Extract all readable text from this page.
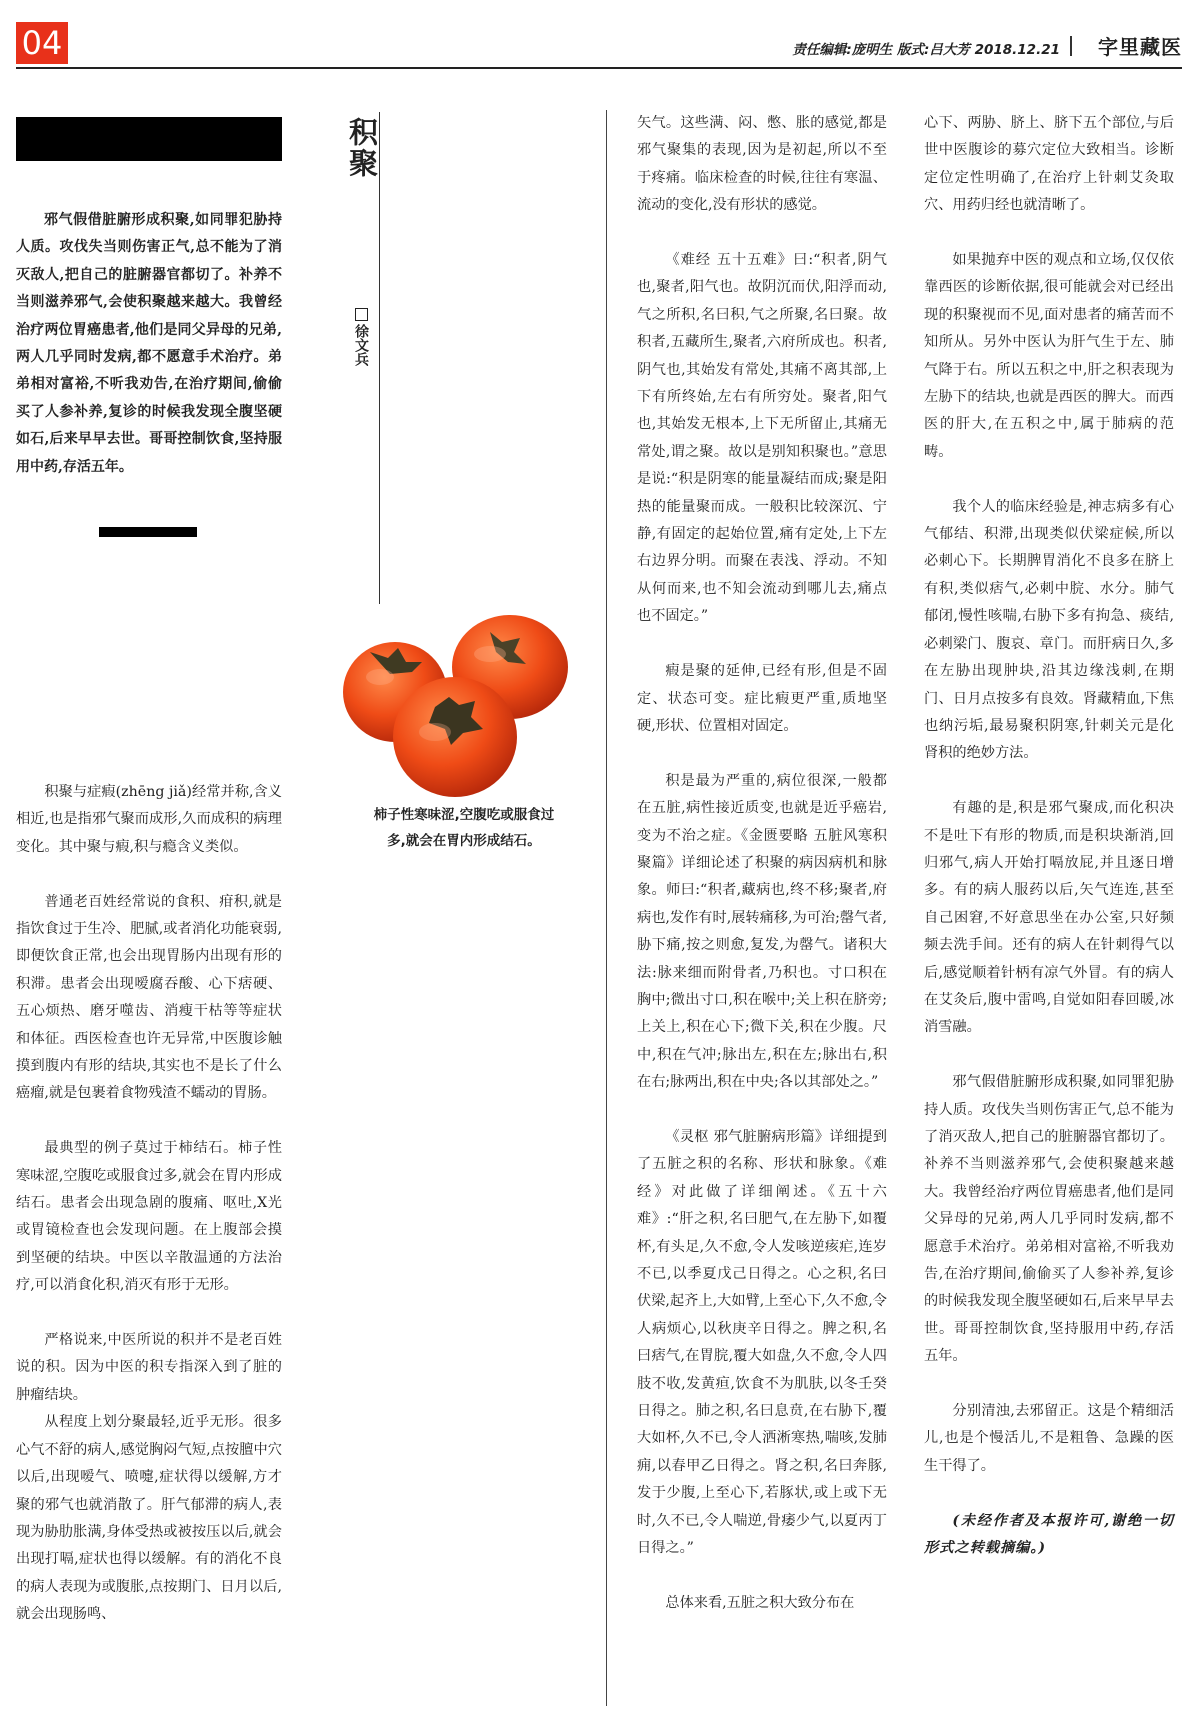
04	责任编辑:庞明生 版式:吕大芳 2018.12.21 字里藏医

邪气假借脏腑形成积聚,如同罪犯胁持人质。攻伐失当则伤害正气,总不能为了消灭敌人,把自己的脏腑器官都切了。补养不当则滋养邪气,会使积聚越来越大。我曾经治疗两位胃癌患者,他们是同父异母的兄弟,两人几乎同时发病,都不愿意手术治疗。弟弟相对富裕,不听我劝告,在治疗期间,偷偷买了人参补养,复诊的时候我发现全腹坚硬如石,后来早早去世。哥哥控制饮食,坚持服用中药,存活五年。

积聚
徐文兵

柿子性寒味涩,空腹吃或服食过多,就会在胃内形成结石。

积聚与症瘕(zhēng jiǎ)经常并称,含义相近,也是指邪气聚而成形,久而成积的病理变化。其中聚与瘕,积与瘾含义类似。

普通老百姓经常说的食积、疳积,就是指饮食过于生冷、肥腻,或者消化功能衰弱,即便饮食正常,也会出现胃肠内出现有形的积滞。患者会出现嗳腐吞酸、心下痞硬、五心烦热、磨牙噬齿、消瘦干枯等等症状和体征。西医检查也许无异常,中医腹诊触摸到腹内有形的结块,其实也不是长了什么癌瘤,就是包裹着食物残渣不蠕动的胃肠。

最典型的例子莫过于柿结石。柿子性寒味涩,空腹吃或服食过多,就会在胃内形成结石。患者会出现急剧的腹痛、呕吐,X光或胃镜检查也会发现问题。在上腹部会摸到坚硬的结块。中医以辛散温通的方法治疗,可以消食化积,消灭有形于无形。

严格说来,中医所说的积并不是老百姓说的积。因为中医的积专指深入到了脏的肿瘤结块。

从程度上划分聚最轻,近乎无形。很多心气不舒的病人,感觉胸闷气短,点按膻中穴以后,出现嗳气、喷嚏,症状得以缓解,方才聚的邪气也就消散了。肝气郁滞的病人,表现为胁肋胀满,身体受热或被按压以后,就会出现打嗝,症状也得以缓解。有的消化不良的病人表现为或腹胀,点按期门、日月以后,就会出现肠鸣、

矢气。这些满、闷、憋、胀的感觉,都是邪气聚集的表现,因为是初起,所以不至于疼痛。临床检查的时候,往往有寒温、流动的变化,没有形状的感觉。

《难经 五十五难》曰:“积者,阴气也,聚者,阳气也。故阴沉而伏,阳浮而动,气之所积,名曰积,气之所聚,名曰聚。故积者,五藏所生,聚者,六府所成也。积者,阴气也,其始发有常处,其痛不离其部,上下有所终始,左右有所穷处。聚者,阳气也,其始发无根本,上下无所留止,其痛无常处,谓之聚。故以是别知积聚也。”意思是说:“积是阴寒的能量凝结而成;聚是阳热的能量聚而成。一般积比较深沉、宁静,有固定的起始位置,痛有定处,上下左右边界分明。而聚在表浅、浮动。不知从何而来,也不知会流动到哪儿去,痛点也不固定。”

瘕是聚的延伸,已经有形,但是不固定、状态可变。症比瘕更严重,质地坚硬,形状、位置相对固定。

积是最为严重的,病位很深,一般都在五脏,病性接近质变,也就是近乎癌岩,变为不治之症。《金匮要略 五脏风寒积聚篇》详细论述了积聚的病因病机和脉象。师曰:“积者,藏病也,终不移;聚者,府病也,发作有时,展转痛移,为可治;罄气者,胁下痛,按之则愈,复发,为罄气。诸积大法:脉来细而附骨者,乃积也。寸口积在胸中;微出寸口,积在喉中;关上积在脐旁;上关上,积在心下;微下关,积在少腹。尺中,积在气冲;脉出左,积在左;脉出右,积在右;脉两出,积在中央;各以其部处之。”

《灵枢 邪气脏腑病形篇》详细提到了五脏之积的名称、形状和脉象。《难经》对此做了详细阐述。《五十六难》:“肝之积,名曰肥气,在左胁下,如覆杯,有头足,久不愈,令人发咳逆痎疟,连岁不已,以季夏戊己日得之。心之积,名曰伏梁,起齐上,大如臂,上至心下,久不愈,令人病烦心,以秋庚辛日得之。脾之积,名曰痞气,在胃脘,覆大如盘,久不愈,令人四肢不收,发黄疸,饮食不为肌肤,以冬壬癸日得之。肺之积,名曰息贲,在右胁下,覆大如杯,久不已,令人洒淅寒热,喘咳,发肺痈,以春甲乙日得之。肾之积,名曰奔豚,发于少腹,上至心下,若豚状,或上或下无时,久不已,令人喘逆,骨痿少气,以夏丙丁日得之。”

总体来看,五脏之积大致分布在

心下、两胁、脐上、脐下五个部位,与后世中医腹诊的募穴定位大致相当。诊断定位定性明确了,在治疗上针刺艾灸取穴、用药归经也就清晰了。

如果抛弃中医的观点和立场,仅仅依靠西医的诊断依据,很可能就会对已经出现的积聚视而不见,面对患者的痛苦而不知所从。另外中医认为肝气生于左、肺气降于右。所以五积之中,肝之积表现为左胁下的结块,也就是西医的脾大。而西医的肝大,在五积之中,属于肺病的范畴。

我个人的临床经验是,神志病多有心气郁结、积滞,出现类似伏梁症候,所以必刺心下。长期脾胃消化不良多在脐上有积,类似痞气,必刺中脘、水分。肺气郁闭,慢性咳喘,右胁下多有拘急、痰结,必刺梁门、腹哀、章门。而肝病日久,多在左胁出现肿块,沿其边缘浅刺,在期门、日月点按多有良效。肾藏精血,下焦也纳污垢,最易聚积阴寒,针刺关元是化肾积的绝妙方法。

有趣的是,积是邪气聚成,而化积决不是吐下有形的物质,而是积块渐消,回归邪气,病人开始打嗝放屁,并且逐日增多。有的病人服药以后,矢气连连,甚至自己困窘,不好意思坐在办公室,只好频频去洗手间。还有的病人在针刺得气以后,感觉顺着针柄有凉气外冒。有的病人在艾灸后,腹中雷鸣,自觉如阳春回暖,冰消雪融。

邪气假借脏腑形成积聚,如同罪犯胁持人质。攻伐失当则伤害正气,总不能为了消灭敌人,把自己的脏腑器官都切了。补养不当则滋养邪气,会使积聚越来越大。我曾经治疗两位胃癌患者,他们是同父异母的兄弟,两人几乎同时发病,都不愿意手术治疗。弟弟相对富裕,不听我劝告,在治疗期间,偷偷买了人参补养,复诊的时候我发现全腹坚硬如石,后来早早去世。哥哥控制饮食,坚持服用中药,存活五年。

分别清浊,去邪留正。这是个精细活儿,也是个慢活儿,不是粗鲁、急躁的医生干得了。

(未经作者及本报许可,谢绝一切形式之转载摘编。)
